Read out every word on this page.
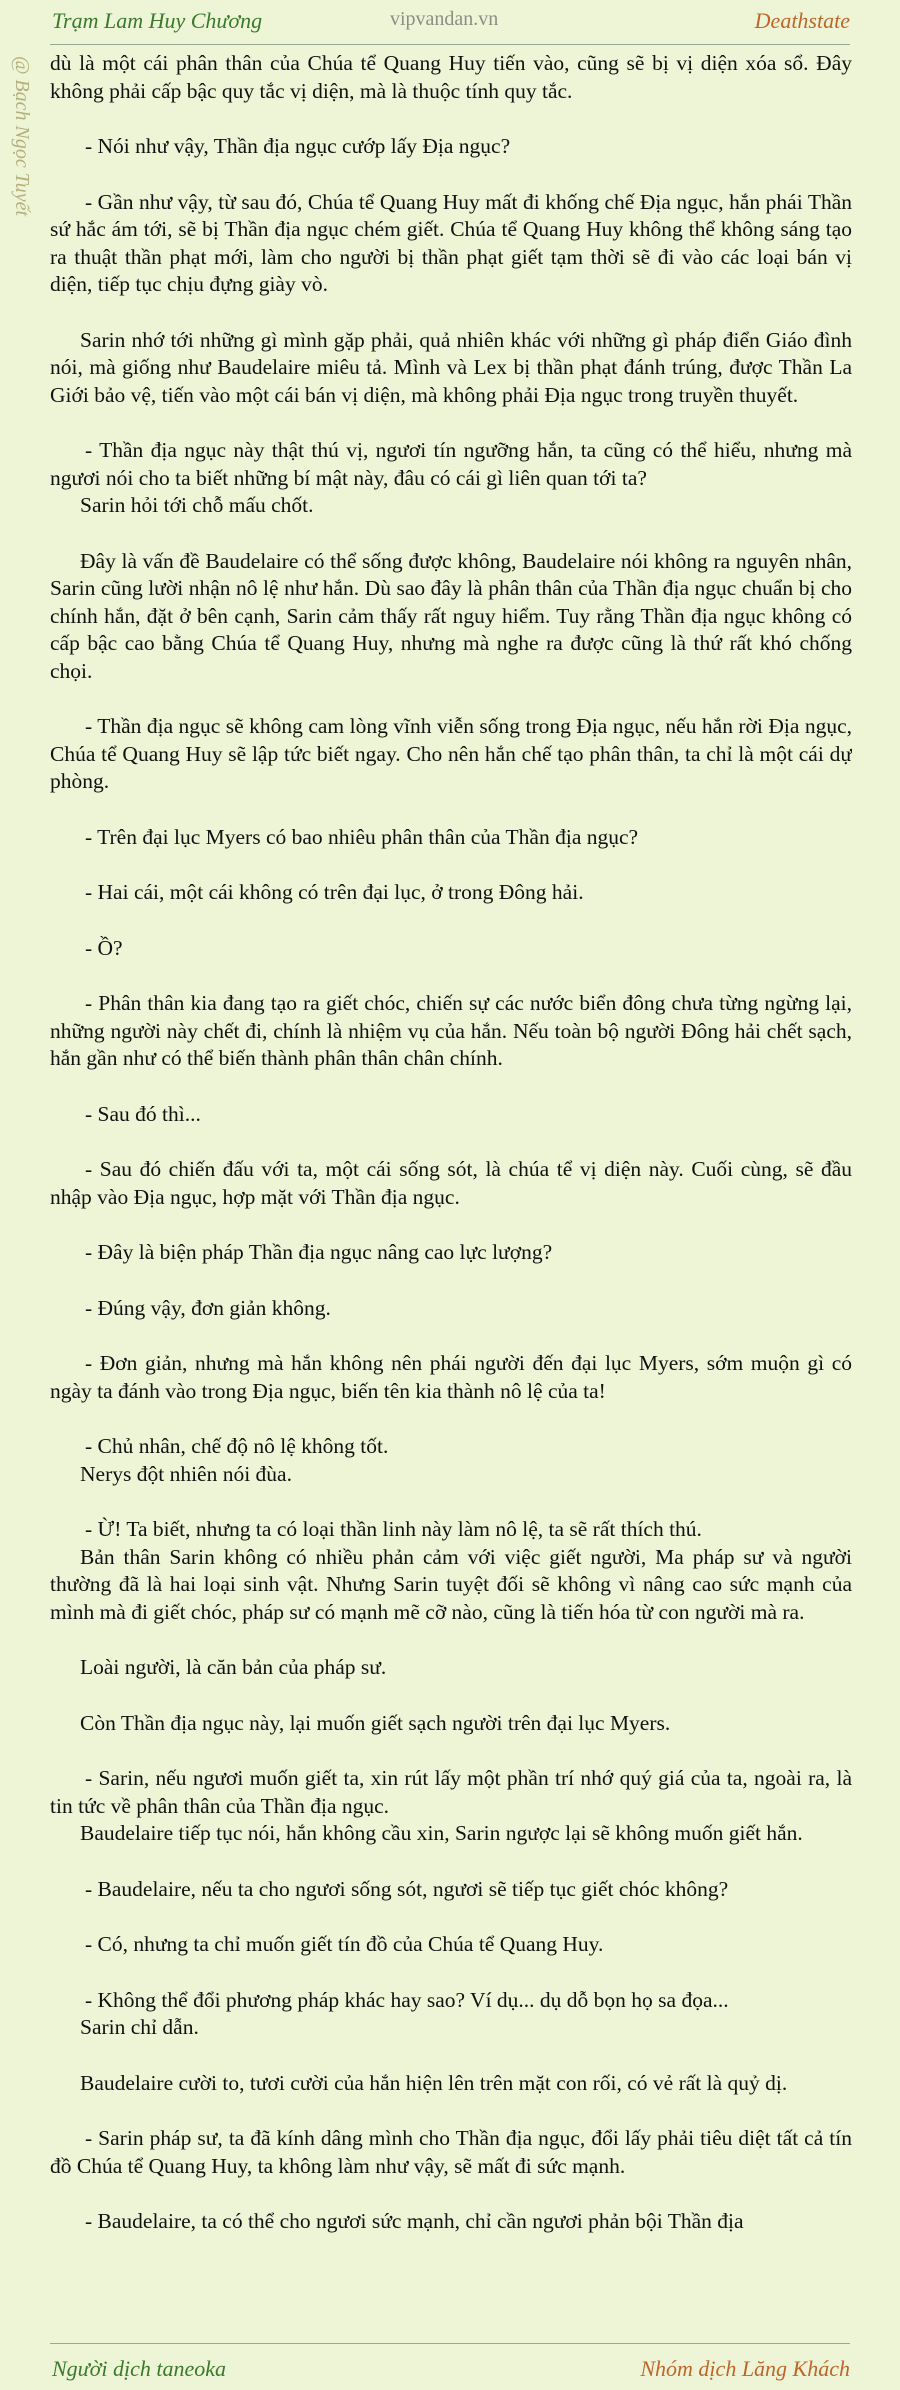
Trạm Lam Huy Chương	vipvandan.vn	Deathstate
@ Bạch Ngọc Tuyết dù là một cái phân thân của Chúa tể Quang Huy tiến vào, cũng sẽ bị vị diện xóa sổ. Đây không phải cấp bậc quy tắc vị diện, mà là thuộc tính quy tắc.

- Nói như vậy, Thần địa ngục cướp lấy Địa ngục?

- Gần như vậy, từ sau đó, Chúa tể Quang Huy mất đi khống chế Địa ngục, hắn phái Thần sứ hắc ám tới, sẽ bị Thần địa ngục chém giết. Chúa tể Quang Huy không thể không sáng tạo ra thuật thần phạt mới, làm cho người bị thần phạt giết tạm thời sẽ đi vào các loại bán vị diện, tiếp tục chịu đựng giày vò.

Sarin nhớ tới những gì mình gặp phải, quả nhiên khác với những gì pháp điển Giáo đình nói, mà giống như Baudelaire miêu tả. Mình và Lex bị thần phạt đánh trúng, được Thần La Giới bảo vệ, tiến vào một cái bán vị diện, mà không phải Địa ngục trong truyền thuyết.

- Thần địa ngục này thật thú vị, ngươi tín ngưỡng hắn, ta cũng có thể hiểu, nhưng mà ngươi nói cho ta biết những bí mật này, đâu có cái gì liên quan tới ta?

Sarin hỏi tới chỗ mấu chốt.

Đây là vấn đề Baudelaire có thể sống được không, Baudelaire nói không ra nguyên nhân, Sarin cũng lười nhận nô lệ như hắn. Dù sao đây là phân thân của Thần địa ngục chuẩn bị cho chính hắn, đặt ở bên cạnh, Sarin cảm thấy rất nguy hiểm. Tuy rằng Thần địa ngục không có cấp bậc cao bằng Chúa tể Quang Huy, nhưng mà nghe ra được cũng là thứ rất khó chống chọi.

- Thần địa ngục sẽ không cam lòng vĩnh viễn sống trong Địa ngục, nếu hắn rời Địa ngục, Chúa tể Quang Huy sẽ lập tức biết ngay. Cho nên hắn chế tạo phân thân, ta chỉ là một cái dự phòng.

- Trên đại lục Myers có bao nhiêu phân thân của Thần địa ngục?

- Hai cái, một cái không có trên đại lục, ở trong Đông hải.

- Ồ?

- Phân thân kia đang tạo ra giết chóc, chiến sự các nước biển đông chưa từng ngừng lại, những người này chết đi, chính là nhiệm vụ của hắn. Nếu toàn bộ người Đông hải chết sạch, hắn gần như có thể biến thành phân thân chân chính.

- Sau đó thì...

- Sau đó chiến đấu với ta, một cái sống sót, là chúa tể vị diện này. Cuối cùng, sẽ đầu nhập vào Địa ngục, hợp mặt với Thần địa ngục.

- Đây là biện pháp Thần địa ngục nâng cao lực lượng?

- Đúng vậy, đơn giản không.

- Đơn giản, nhưng mà hắn không nên phái người đến đại lục Myers, sớm muộn gì có ngày ta đánh vào trong Địa ngục, biến tên kia thành nô lệ của ta!

- Chủ nhân, chế độ nô lệ không tốt.

Nerys đột nhiên nói đùa.

- Ừ! Ta biết, nhưng ta có loại thần linh này làm nô lệ, ta sẽ rất thích thú.

Bản thân Sarin không có nhiều phản cảm với việc giết người, Ma pháp sư và người thường đã là hai loại sinh vật. Nhưng Sarin tuyệt đối sẽ không vì nâng cao sức mạnh của mình mà đi giết chóc, pháp sư có mạnh mẽ cỡ nào, cũng là tiến hóa từ con người mà ra.

Loài người, là căn bản của pháp sư.

Còn Thần địa ngục này, lại muốn giết sạch người trên đại lục Myers.

- Sarin, nếu ngươi muốn giết ta, xin rút lấy một phần trí nhớ quý giá của ta, ngoài ra, là tin tức về phân thân của Thần địa ngục.

Baudelaire tiếp tục nói, hắn không cầu xin, Sarin ngược lại sẽ không muốn giết hắn.

- Baudelaire, nếu ta cho ngươi sống sót, ngươi sẽ tiếp tục giết chóc không?

- Có, nhưng ta chỉ muốn giết tín đồ của Chúa tể Quang Huy.

- Không thể đổi phương pháp khác hay sao? Ví dụ... dụ dỗ bọn họ sa đọa...

Sarin chỉ dẫn.

Baudelaire cười to, tươi cười của hắn hiện lên trên mặt con rối, có vẻ rất là quỷ dị.

- Sarin pháp sư, ta đã kính dâng mình cho Thần địa ngục, đổi lấy phải tiêu diệt tất cả tín đồ Chúa tể Quang Huy, ta không làm như vậy, sẽ mất đi sức mạnh.

- Baudelaire, ta có thể cho ngươi sức mạnh, chỉ cần ngươi phản bội Thần địa

Người dịch taneoka	Nhóm dịch Lăng Khách
